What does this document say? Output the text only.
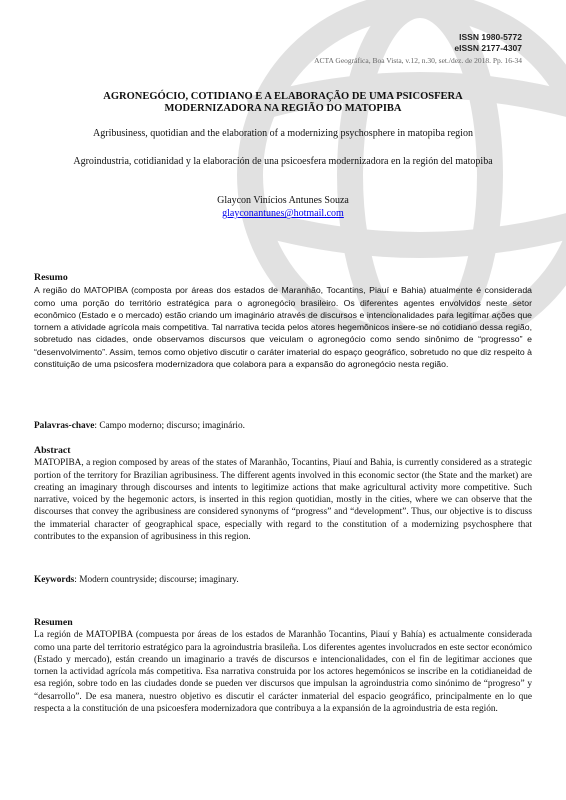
ISSN 1980-5772
eISSN 2177-4307
ACTA Geográfica, Boa Vista, v.12, n.30, set./dez. de 2018. Pp. 16-34
AGRONEGÓCIO, COTIDIANO E A ELABORAÇÃO DE UMA PSICOSFERA
MODERNIZADORA NA REGIÃO DO MATOPIBA
Agribusiness, quotidian and the elaboration of a modernizing psychosphere in matopiba region
Agroindustria, cotidianidad y la elaboración de una psicoesfera modernizadora en la región del matopiba
Glaycon Vinícios Antunes Souza
glayconantunes@hotmail.com
Resumo
A região do MATOPIBA (composta por áreas dos estados de Maranhão, Tocantins, Piauí e Bahia) atualmente é considerada como uma porção do território estratégica para o agronegócio brasileiro. Os diferentes agentes envolvidos neste setor econômico (Estado e o mercado) estão criando um imaginário através de discursos e intencionalidades para legitimar ações que tornem a atividade agrícola mais competitiva. Tal narrativa tecida pelos atores hegemônicos insere-se no cotidiano dessa região, sobretudo nas cidades, onde observamos discursos que veiculam o agronegócio como sendo sinônimo de “progresso” e “desenvolvimento”. Assim, temos como objetivo discutir o caráter imaterial do espaço geográfico, sobretudo no que diz respeito à constituição de uma psicosfera modernizadora que colabora para a expansão do agronegócio nesta região.
Palavras-chave: Campo moderno; discurso; imaginário.
Abstract
MATOPIBA, a region composed by areas of the states of Maranhão, Tocantins, Piauí and Bahia, is currently considered as a strategic portion of the territory for Brazilian agribusiness. The different agents involved in this economic sector (the State and the market) are creating an imaginary through discourses and intents to legitimize actions that make agricultural activity more competitive. Such narrative, voiced by the hegemonic actors, is inserted in this region quotidian, mostly in the cities, where we can observe that the discourses that convey the agribusiness are considered synonyms of “progress” and “development”. Thus, our objective is to discuss the immaterial character of geographical space, especially with regard to the constitution of a modernizing psychosphere that contributes to the expansion of agribusiness in this region.
Keywords: Modern countryside; discourse; imaginary.
Resumen
La región de MATOPIBA (compuesta por áreas de los estados de Maranhão Tocantins, Piauí y Bahía) es actualmente considerada como una parte del territorio estratégico para la agroindustria brasileña. Los diferentes agentes involucrados en este sector económico (Estado y mercado), están creando un imaginario a través de discursos e intencionalidades, con el fin de legitimar acciones que tornen la actividad agrícola más competitiva. Esa narrativa construida por los actores hegemónicos se inscribe en la cotidianeidad de esa región, sobre todo en las ciudades donde se pueden ver discursos que impulsan la agroindustria como sinónimo de “progreso” y “desarrollo”. De esa manera, nuestro objetivo es discutir el carácter inmaterial del espacio geográfico, principalmente en lo que respecta a la constitución de una psicoesfera modernizadora que contribuya a la expansión de la agroindustria de esta región.
